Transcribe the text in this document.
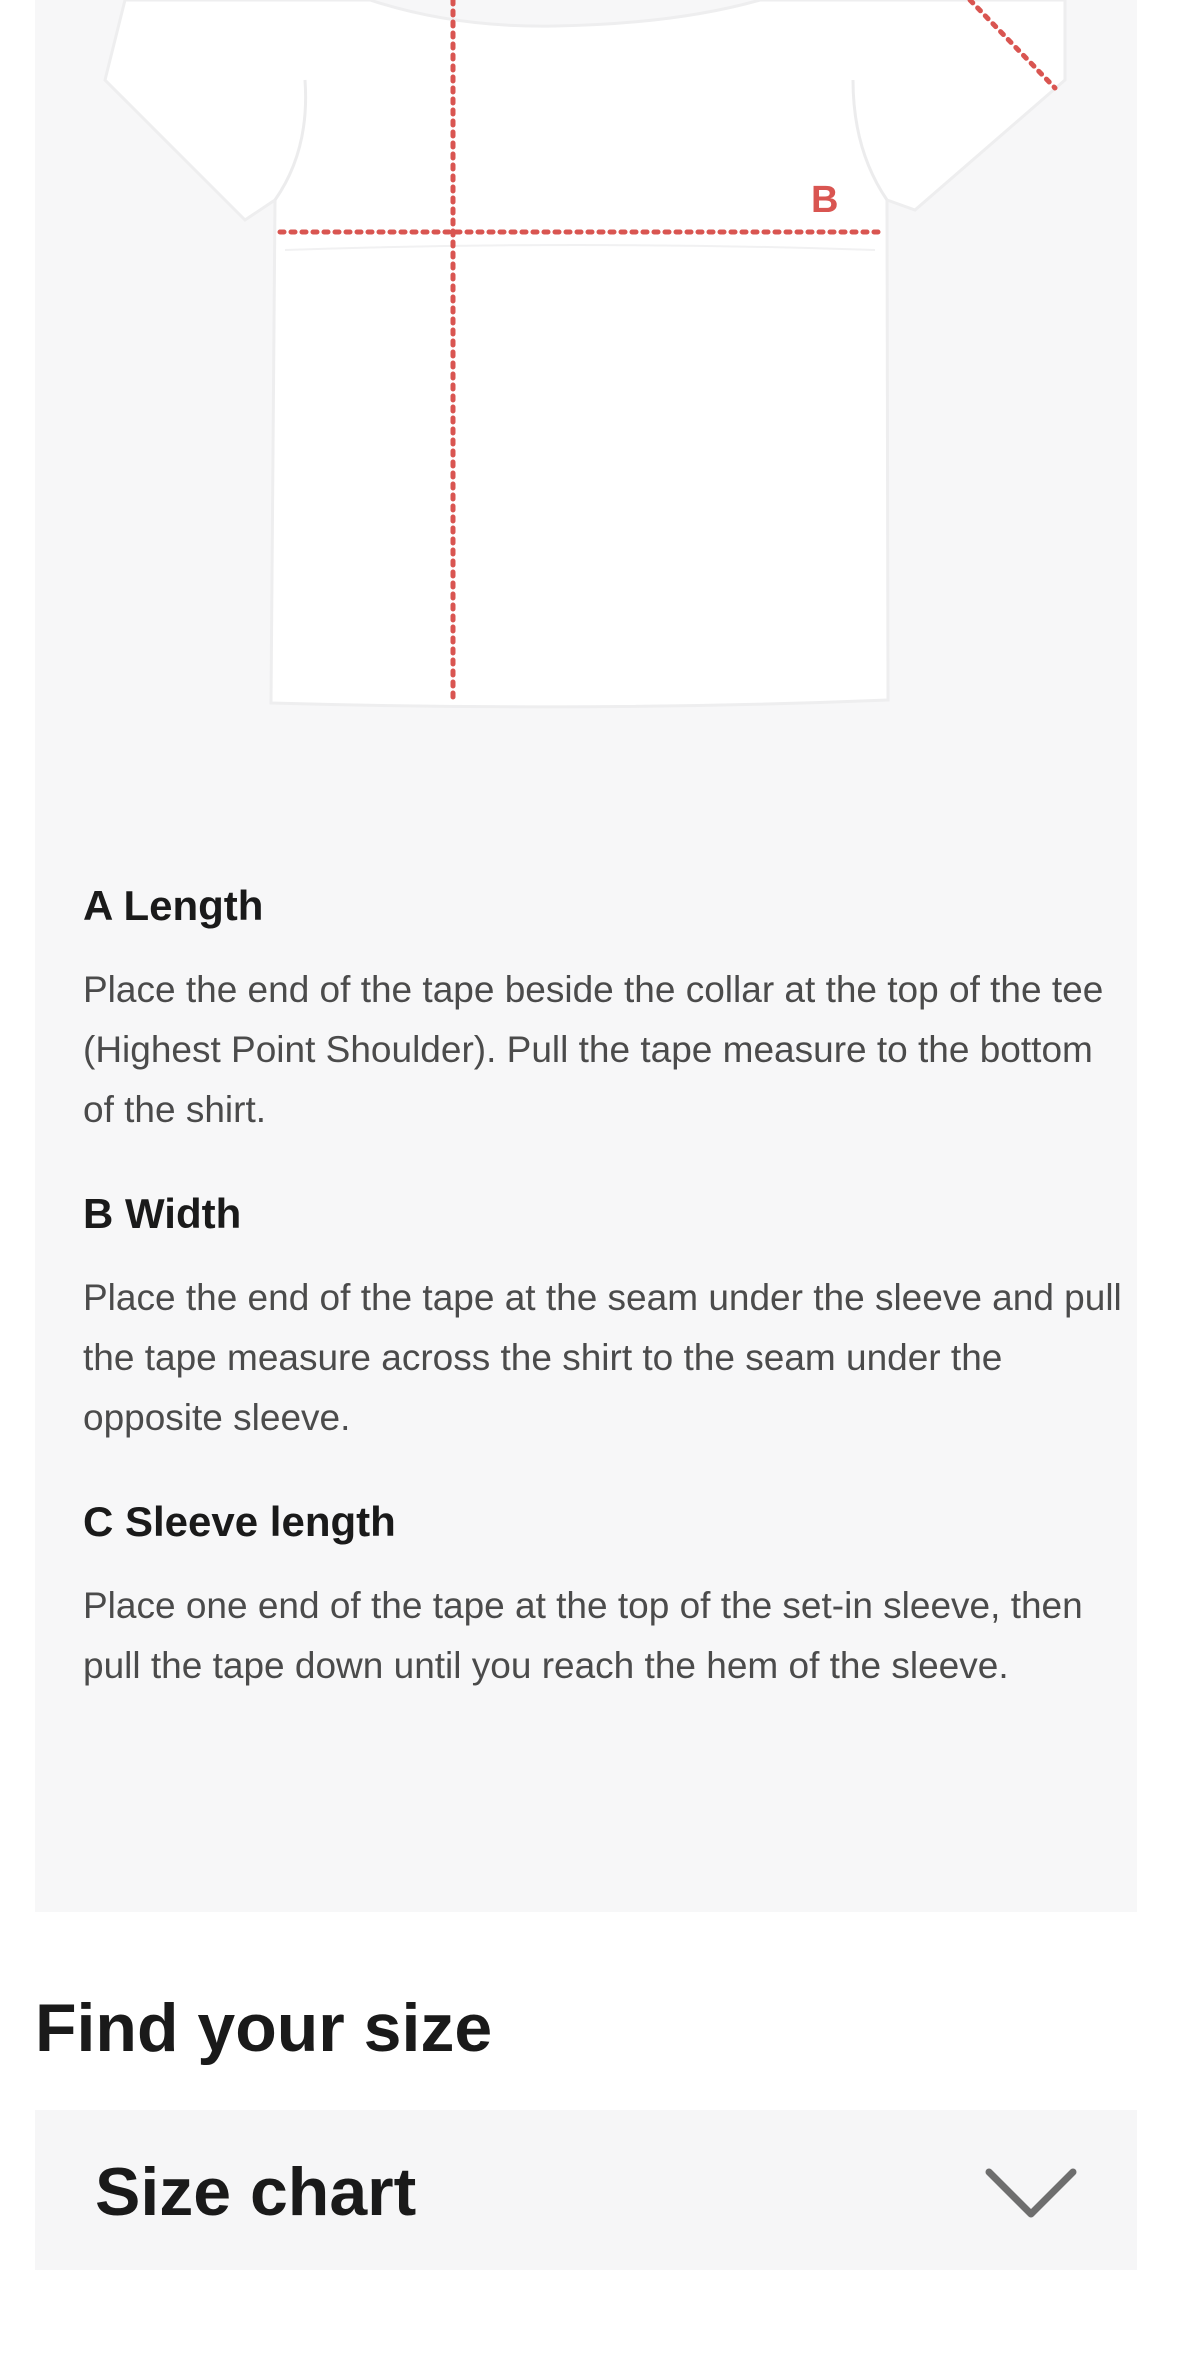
B
A Length

Place the end of the tape beside the collar at the top of the tee (Highest Point Shoulder). Pull the tape measure to the bottom of the shirt.

B Width

Place the end of the tape at the seam under the sleeve and pull the tape measure across the shirt to the seam under the opposite sleeve.

C Sleeve length

Place one end of the tape at the top of the set-in sleeve, then pull the tape down until you reach the hem of the sleeve.

Find your size
Size chart
